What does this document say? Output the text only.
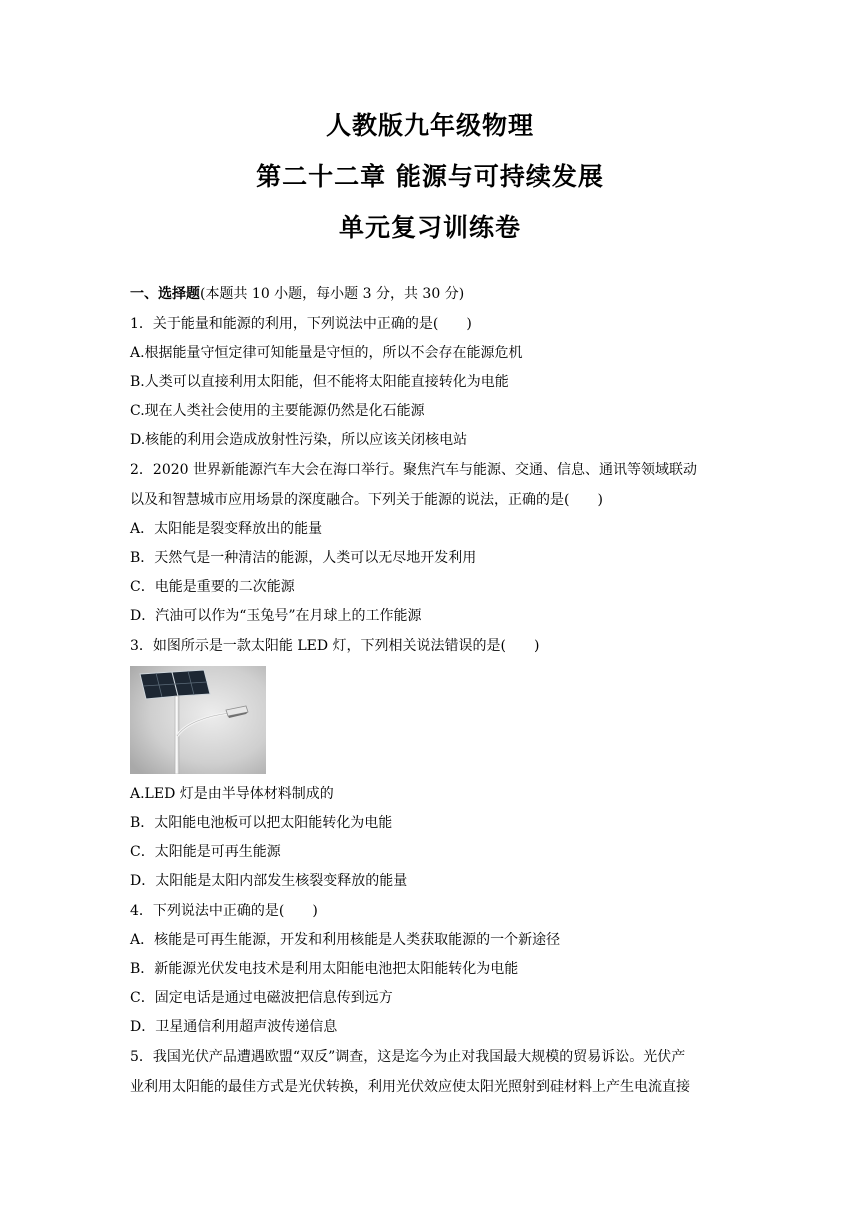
人教版九年级物理
第二十二章 能源与可持续发展
单元复习训练卷
一、选择题(本题共 10 小题，每小题 3 分，共 30 分)
1．关于能量和能源的利用，下列说法中正确的是(　　)
A.根据能量守恒定律可知能量是守恒的，所以不会存在能源危机
B.人类可以直接利用太阳能，但不能将太阳能直接转化为电能
C.现在人类社会使用的主要能源仍然是化石能源
D.核能的利用会造成放射性污染，所以应该关闭核电站
2．2020 世界新能源汽车大会在海口举行。聚焦汽车与能源、交通、信息、通讯等领域联动
以及和智慧城市应用场景的深度融合。下列关于能源的说法，正确的是(　　)
A．太阳能是裂变释放出的能量
B．天然气是一种清洁的能源，人类可以无尽地开发利用
C．电能是重要的二次能源
D．汽油可以作为“玉兔号”在月球上的工作能源
3．如图所示是一款太阳能 LED 灯，下列相关说法错误的是(　　)
A.LED 灯是由半导体材料制成的
B．太阳能电池板可以把太阳能转化为电能
C．太阳能是可再生能源
D．太阳能是太阳内部发生核裂变释放的能量
4．下列说法中正确的是(　　)
A．核能是可再生能源，开发和利用核能是人类获取能源的一个新途径
B．新能源光伏发电技术是利用太阳能电池把太阳能转化为电能
C．固定电话是通过电磁波把信息传到远方
D．卫星通信利用超声波传递信息
5．我国光伏产品遭遇欧盟“双反”调查，这是迄今为止对我国最大规模的贸易诉讼。光伏产
业利用太阳能的最佳方式是光伏转换，利用光伏效应使太阳光照射到硅材料上产生电流直接
